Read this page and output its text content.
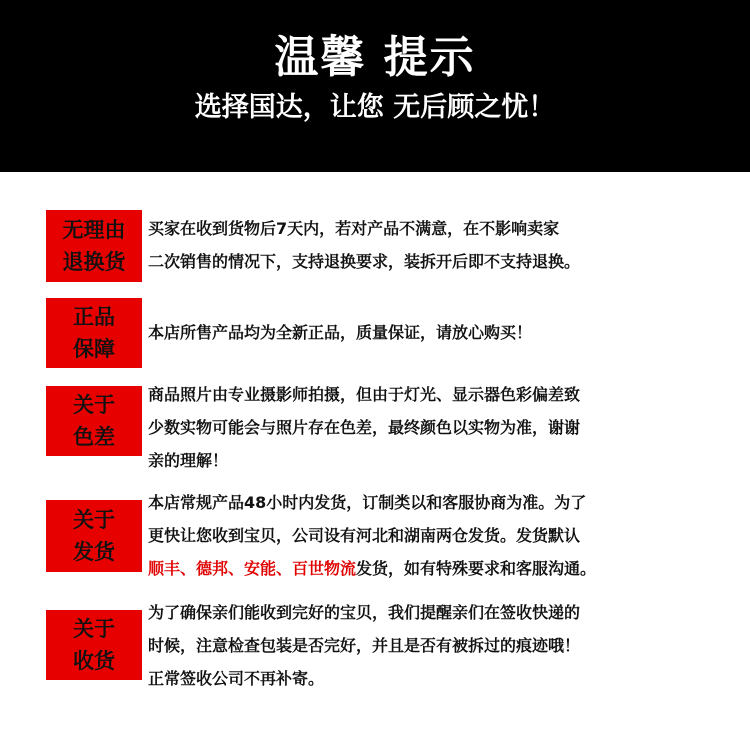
温馨 提示
选择国达，让您 无后顾之忧！
无理由
退换货
买家在收到货物后7天内，若对产品不满意，在不影响卖家
二次销售的情况下，支持退换要求，装拆开后即不支持退换。
正品
保障
本店所售产品均为全新正品，质量保证，请放心购买！
关于
色差
商品照片由专业摄影师拍摄，但由于灯光、显示器色彩偏差致
少数实物可能会与照片存在色差，最终颜色以实物为准，谢谢
亲的理解！
关于
发货
本店常规产品48小时内发货，订制类以和客服协商为准。为了
更快让您收到宝贝，公司设有河北和湖南两仓发货。发货默认
顺丰、德邦、安能、百世物流发货，如有特殊要求和客服沟通。
关于
收货
为了确保亲们能收到完好的宝贝，我们提醒亲们在签收快递的
时候，注意检查包装是否完好，并且是否有被拆过的痕迹哦！
正常签收公司不再补寄。
